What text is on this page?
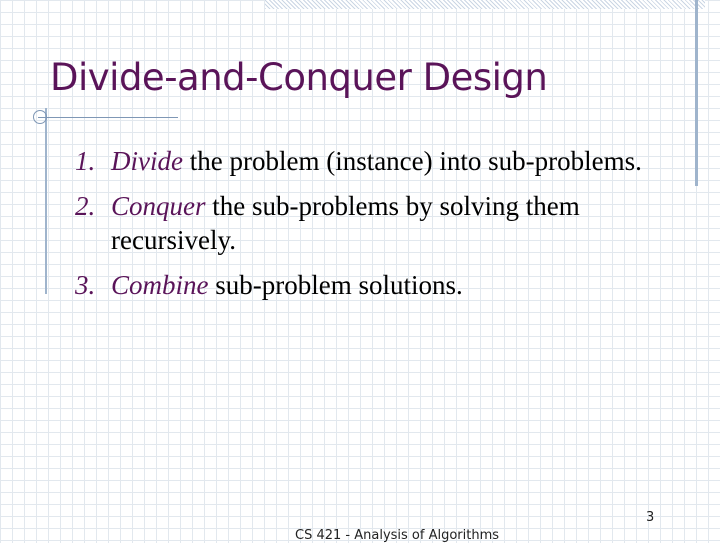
Divide-and-Conquer Design
1. Divide the problem (instance) into sub-problems.
2. Conquer the sub-problems by solving them recursively.
3. Combine sub-problem solutions.
3
CS 421 - Analysis of Algorithms
